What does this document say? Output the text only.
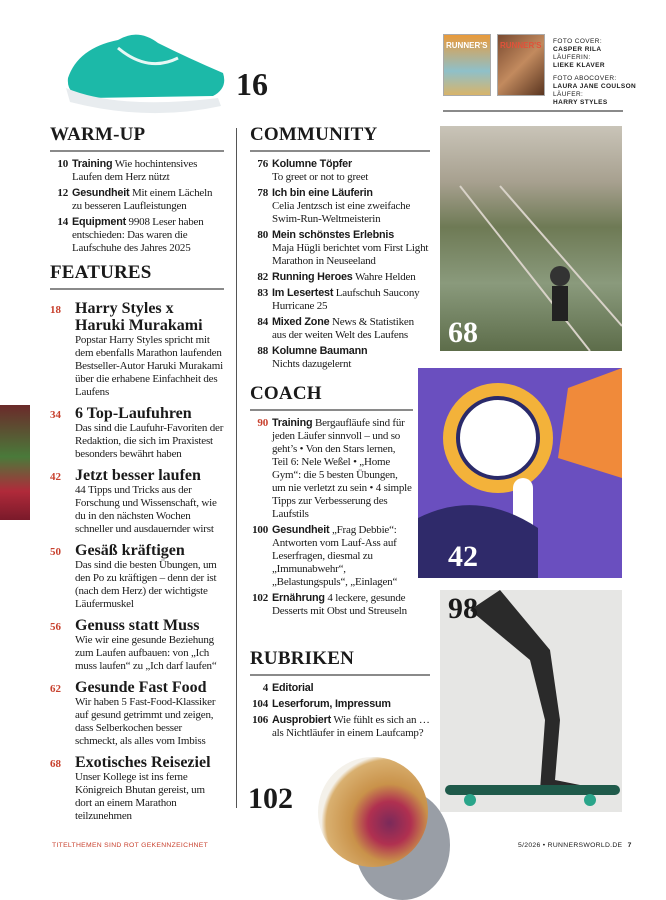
16
RUNNER'S	RUNNER'S	FOTO COVER:
CASPER RILA
LÄUFERIN:
LIEKE KLAVER
FOTO ABOCOVER:
LAURA JANE COULSON
LÄUFER:
HARRY STYLES
WARM-UP
10 Training Wie hochintensives Laufen dem Herz nützt
12 Gesundheit Mit einem Lächeln zu besseren Laufleistungen
14 Equipment 9908 Leser haben entschieden: Das waren die Laufschuhe des Jahres 2025
FEATURES
18 Harry Styles x Haruki Murakami
Popstar Harry Styles spricht mit dem ebenfalls Marathon laufenden Bestseller-Autor Haruki Murakami über die erhabene Einfachheit des Laufens
34 6 Top-Laufuhren
Das sind die Laufuhr-Favoriten der Redaktion, die sich im Praxistest besonders bewährt haben
42 Jetzt besser laufen
44 Tipps und Tricks aus der Forschung und Wissenschaft, wie du in den nächsten Wochen schneller und ausdauernder wirst
50 Gesäß kräftigen
Das sind die besten Übungen, um den Po zu kräftigen – denn der ist (nach dem Herz) der wichtigste Läufermuskel
56 Genuss statt Muss
Wie wir eine gesunde Beziehung zum Laufen aufbauen: von „Ich muss laufen“ zu „Ich darf laufen“
62 Gesunde Fast Food
Wir haben 5 Fast-Food-Klassiker auf gesund getrimmt und zeigen, dass Selberkochen besser schmeckt, als alles vom Imbiss
68 Exotisches Reiseziel
Unser Kollege ist ins ferne Königreich Bhutan gereist, um dort an einem Marathon teilzunehmen
COMMUNITY
76 Kolumne Töpfer
To greet or not to greet
78 Ich bin eine Läuferin
Celia Jentzsch ist eine zweifache Swim-Run-Weltmeisterin
80 Mein schönstes Erlebnis
Maja Hügli berichtet vom First Light Marathon in Neuseeland
82 Running Heroes Wahre Helden
83 Im Lesertest Laufschuh Saucony Hurricane 25
84 Mixed Zone News & Statistiken aus der weiten Welt des Laufens
88 Kolumne Baumann
Nichts dazugelernt
COACH
90 Training Bergaufläufe sind für jeden Läufer sinnvoll – und so geht’s • Von den Stars lernen, Teil 6: Nele Weßel • „Home Gym“: die 5 besten Übungen, um nie verletzt zu sein • 4 simple Tipps zur Verbesserung des Laufstils
100 Gesundheit „Frag Debbie“: Antworten vom Lauf-Ass auf Leserfragen, diesmal zu „Immunabwehr“, „Belastungspuls“, „Einlagen“
102 Ernährung 4 leckere, gesunde Desserts mit Obst und Streuseln
RUBRIKEN
4 Editorial
104 Leserforum, Impressum
106 Ausprobiert Wie fühlt es sich an … als Nichtläufer in einem Laufcamp?
68
42
98
102
TITELTHEMEN SIND ROT GEKENNZEICHNET	5/2026 • RUNNERSWORLD.DE 7
